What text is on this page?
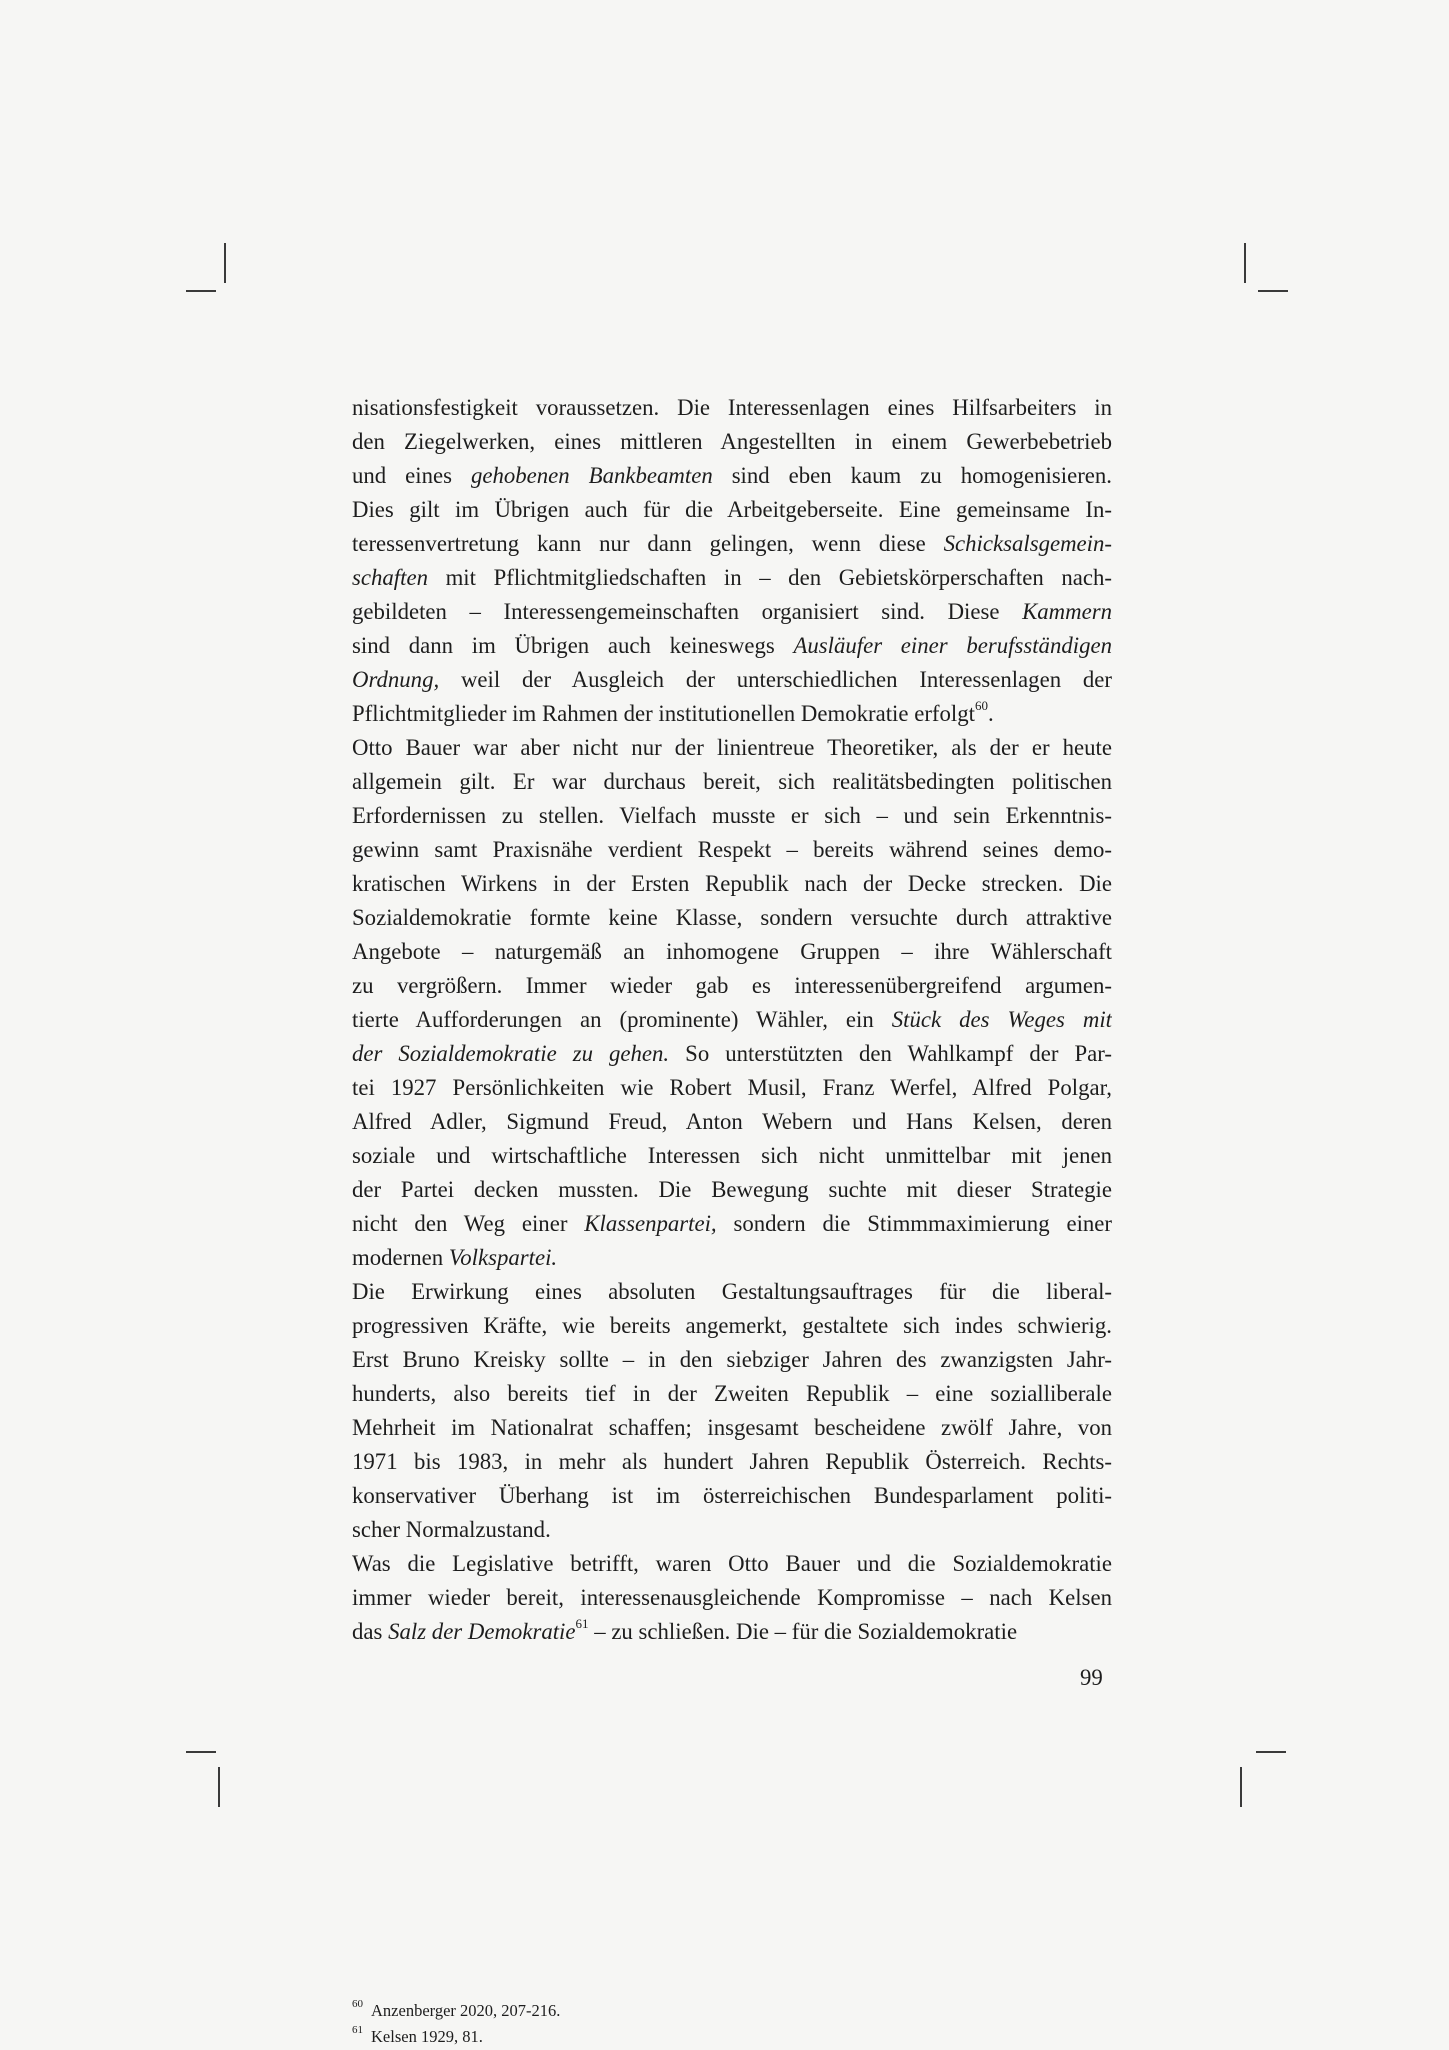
nisationsfestigkeit voraussetzen. Die Interessenlagen eines Hilfsarbeiters in
den Ziegelwerken, eines mittleren Angestellten in einem Gewerbebetrieb
und eines gehobenen Bankbeamten sind eben kaum zu homogenisieren.
Dies gilt im Übrigen auch für die Arbeitgeberseite. Eine gemeinsame In-
teressenvertretung kann nur dann gelingen, wenn diese Schicksalsgemein-
schaften mit Pflichtmitgliedschaften in – den Gebietskörperschaften nach-
gebildeten – Interessengemeinschaften organisiert sind. Diese Kammern
sind dann im Übrigen auch keineswegs Ausläufer einer berufsständigen
Ordnung, weil der Ausgleich der unterschiedlichen Interessenlagen der
Pflichtmitglieder im Rahmen der institutionellen Demokratie erfolgt$^{60}$.
Otto Bauer war aber nicht nur der linientreue Theoretiker, als der er heute
allgemein gilt. Er war durchaus bereit, sich realitätsbedingten politischen
Erfordernissen zu stellen. Vielfach musste er sich – und sein Erkenntnis-
gewinn samt Praxisnähe verdient Respekt – bereits während seines demo-
kratischen Wirkens in der Ersten Republik nach der Decke strecken. Die
Sozialdemokratie formte keine Klasse, sondern versuchte durch attraktive
Angebote – naturgemäß an inhomogene Gruppen – ihre Wählerschaft
zu vergrößern. Immer wieder gab es interessenübergreifend argumen-
tierte Aufforderungen an (prominente) Wähler, ein Stück des Weges mit
der Sozialdemokratie zu gehen. So unterstützten den Wahlkampf der Par-
tei 1927 Persönlichkeiten wie Robert Musil, Franz Werfel, Alfred Polgar,
Alfred Adler, Sigmund Freud, Anton Webern und Hans Kelsen, deren
soziale und wirtschaftliche Interessen sich nicht unmittelbar mit jenen
der Partei decken mussten. Die Bewegung suchte mit dieser Strategie
nicht den Weg einer Klassenpartei, sondern die Stimmmaximierung einer
modernen Volkspartei.
Die Erwirkung eines absoluten Gestaltungsauftrages für die liberal-
progressiven Kräfte, wie bereits angemerkt, gestaltete sich indes schwierig.
Erst Bruno Kreisky sollte – in den siebziger Jahren des zwanzigsten Jahr-
hunderts, also bereits tief in der Zweiten Republik – eine sozialliberale
Mehrheit im Nationalrat schaffen; insgesamt bescheidene zwölf Jahre, von
1971 bis 1983, in mehr als hundert Jahren Republik Österreich. Rechts-
konservativer Überhang ist im österreichischen Bundesparlament politi-
scher Normalzustand.
Was die Legislative betrifft, waren Otto Bauer und die Sozialdemokratie
immer wieder bereit, interessenausgleichende Kompromisse – nach Kelsen
das Salz der Demokratie$^{61}$ – zu schließen. Die – für die Sozialdemokratie
$^{60}$ Anzenberger 2020, 207-216.
$^{61}$ Kelsen 1929, 81.
99
